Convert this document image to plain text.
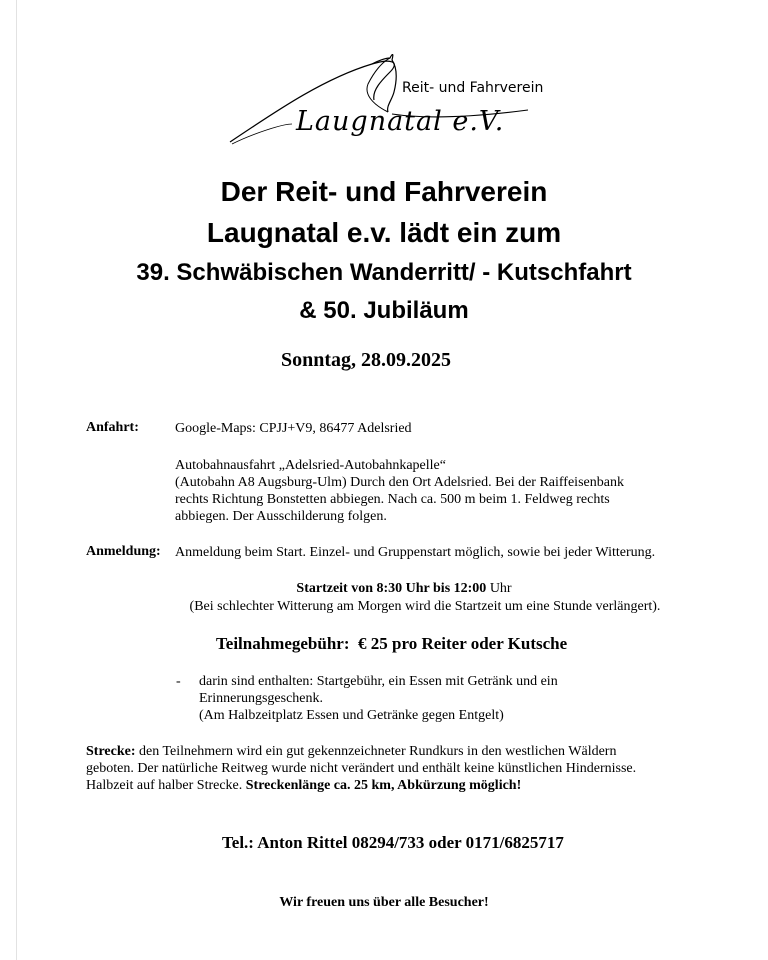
Laugnatal e.V.
Reit- und Fahrverein
Der Reit- und Fahrverein
Laugnatal e.v. lädt ein zum
39. Schwäbischen Wanderritt/ - Kutschfahrt
& 50. Jubiläum
Sonntag, 28.09.2025
Anfahrt:	Google-Maps: CPJJ+V9, 86477 Adelsried
Autobahnausfahrt „Adelsried-Autobahnkapelle“
(Autobahn A8 Augsburg-Ulm) Durch den Ort Adelsried. Bei der Raiffeisenbank
rechts Richtung Bonstetten abbiegen. Nach ca. 500 m beim 1. Feldweg rechts
abbiegen. Der Ausschilderung folgen.
Anmeldung: Anmeldung beim Start. Einzel- und Gruppenstart möglich, sowie bei jeder Witterung.
Startzeit von 8:30 Uhr bis 12:00 Uhr
(Bei schlechter Witterung am Morgen wird die Startzeit um eine Stunde verlängert).
Teilnahmegebühr: € 25 pro Reiter oder Kutsche
- darin sind enthalten: Startgebühr, ein Essen mit Getränk und ein
Erinnerungsgeschenk.
(Am Halbzeitplatz Essen und Getränke gegen Entgelt)
Strecke: den Teilnehmern wird ein gut gekennzeichneter Rundkurs in den westlichen Wäldern
geboten. Der natürliche Reitweg wurde nicht verändert und enthält keine künstlichen Hindernisse.
Halbzeit auf halber Strecke. Streckenlänge ca. 25 km, Abkürzung möglich!
Tel.: Anton Rittel 08294/733 oder 0171/6825717
Wir freuen uns über alle Besucher!
